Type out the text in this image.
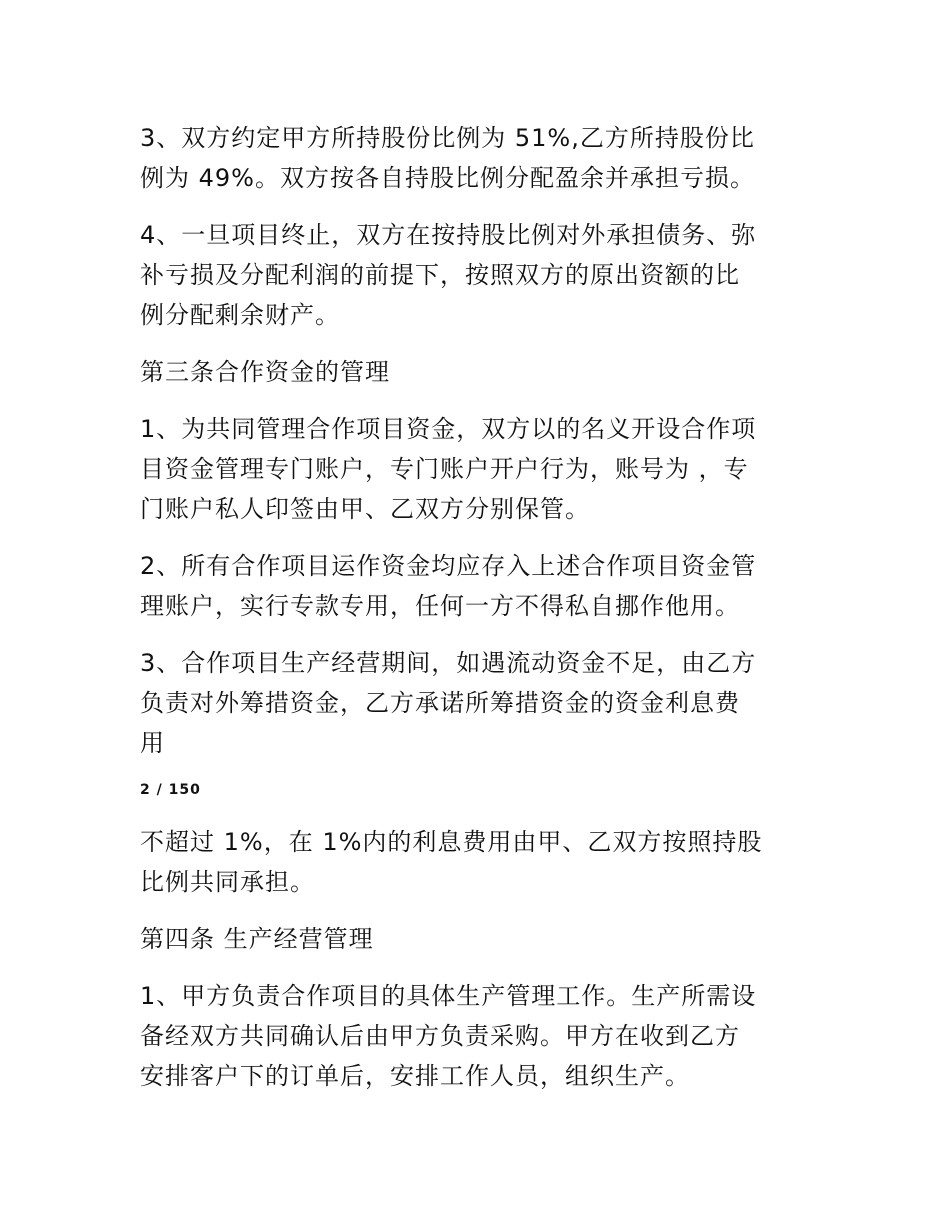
3、双方约定甲方所持股份比例为 51%,乙方所持股份比
例为 49%。双方按各自持股比例分配盈余并承担亏损。
4、一旦项目终止，双方在按持股比例对外承担债务、弥
补亏损及分配利润的前提下，按照双方的原出资额的比
例分配剩余财产。
第三条合作资金的管理
1、为共同管理合作项目资金，双方以的名义开设合作项
目资金管理专门账户，专门账户开户行为，账号为 ，专
门账户私人印签由甲、乙双方分别保管。
2、所有合作项目运作资金均应存入上述合作项目资金管
理账户，实行专款专用，任何一方不得私自挪作他用。
3、合作项目生产经营期间，如遇流动资金不足，由乙方
负责对外筹措资金，乙方承诺所筹措资金的资金利息费
用
2 / 150
不超过 1%，在 1%内的利息费用由甲、乙双方按照持股
比例共同承担。
第四条 生产经营管理
1、甲方负责合作项目的具体生产管理工作。生产所需设
备经双方共同确认后由甲方负责采购。甲方在收到乙方
安排客户下的订单后，安排工作人员，组织生产。
